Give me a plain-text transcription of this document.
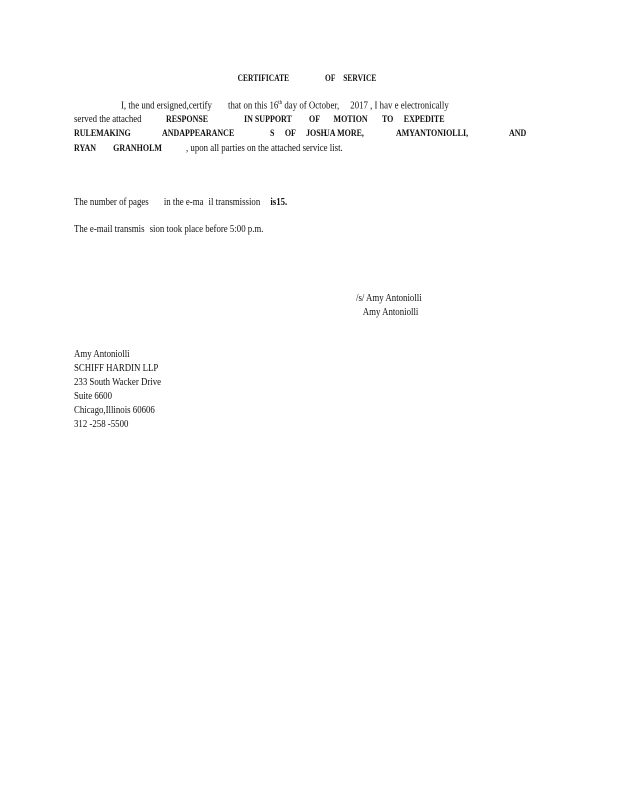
CERTIFICATE	OF SERVICE
I, the und ersigned,certify that on this 16th day of October, 2017 , I hav e electronically
served the attached	RESPONSE	IN SUPPORT OF MOTION TO EXPEDITE
RULEMAKING	ANDAPPEARANCE	S OF JOSH
UA MORE,	AMYANTONIOLLI,	AND
RYAN GRANHOLM , upon all parties on the attached service list.
The number of pages in the e-ma il transmission is15.
The e-mail transmis sion took place before 5:00 p.m.
/s/ Amy Antoniolli
Amy Antoniolli
Amy Antoniolli
SCHIFF HARDIN LLP
233 South Wacker Drive
Suite 6600
Chicago,Illinois 60606
312 -258 -5500
